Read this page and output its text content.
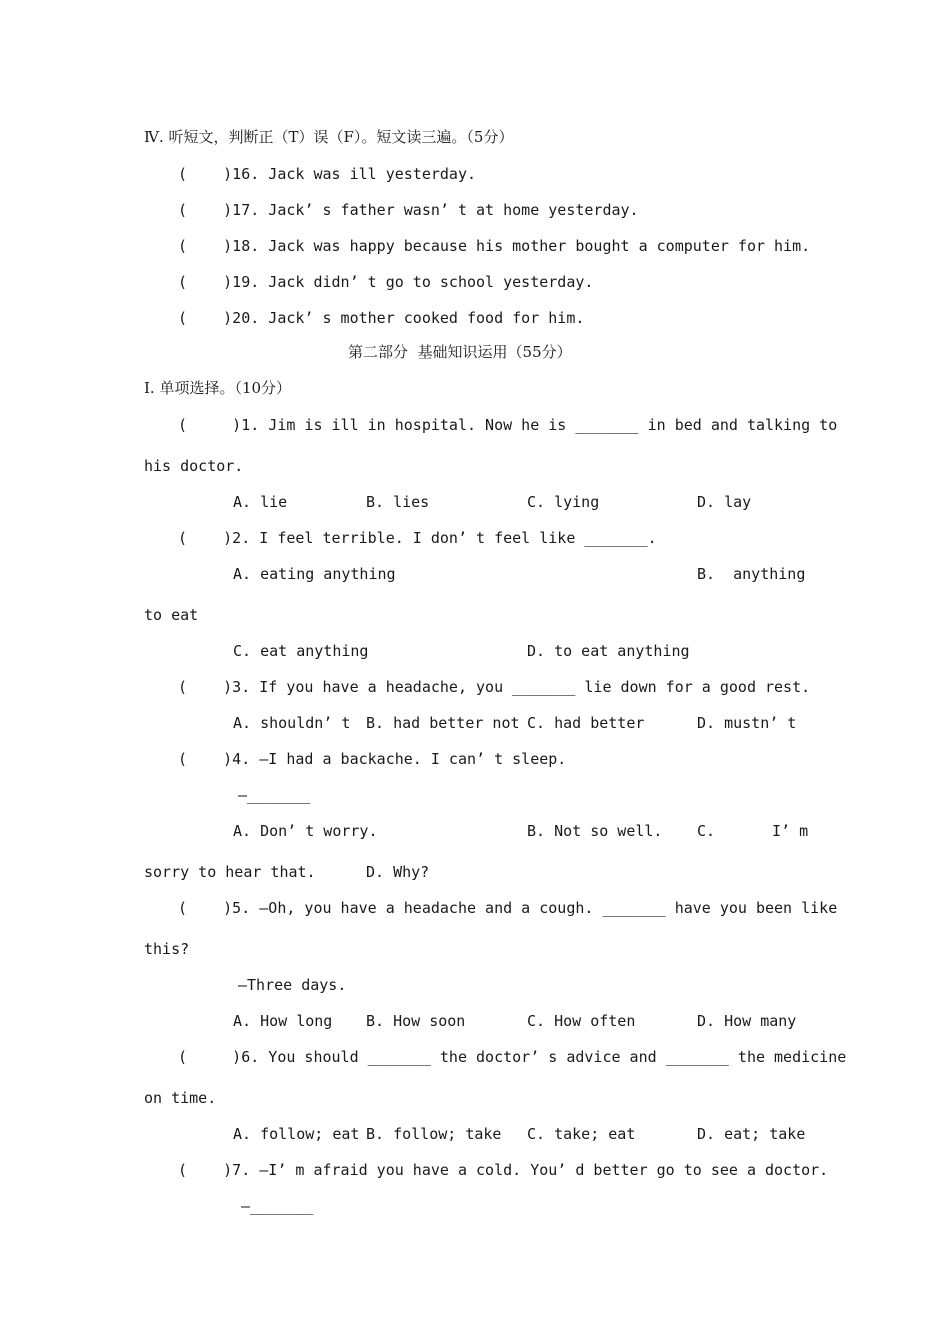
Ⅳ. 听短文，判断正（T）误（F）。短文读三遍。（5分）
(    )16. Jack was ill yesterday.
(    )17. Jack’ s father wasn’ t at home yesterday.
(    )18. Jack was happy because his mother bought a computer for him.
(    )19. Jack didn’ t go to school yesterday.
(    )20. Jack’ s mother cooked food for him.
第二部分  基础知识运用（55分）
Ⅰ. 单项选择。（10分）
(     )1. Jim is ill in hospital. Now he is _______ in bed and talking to
his doctor.
A. lie	B. lies	C. lying	D. lay
(    )2. I feel terrible. I don’ t feel like _______.
A. eating anything	B.  anything
to eat
C. eat anything	D. to eat anything
(    )3. If you have a headache, you _______ lie down for a good rest.
A. shouldn’ t B. had better not C. had better	D. mustn’ t
(    )4. —I had a backache. I can’ t sleep.
—_______
A. Don’ t worry.	B. Not so well. C.	I’ m
sorry to hear that.	D. Why?
(    )5. —Oh, you have a headache and a cough. _______ have you been like
this?
—Three days.
A. How long B. How soon	C. How often	D. How many
(     )6. You should _______ the doctor’ s advice and _______ the medicine
on time.
A. follow; eat B. follow; take C. take; eat	D. eat; take
(    )7. —I’ m afraid you have a cold. You’ d better go to see a doctor.
—_______
